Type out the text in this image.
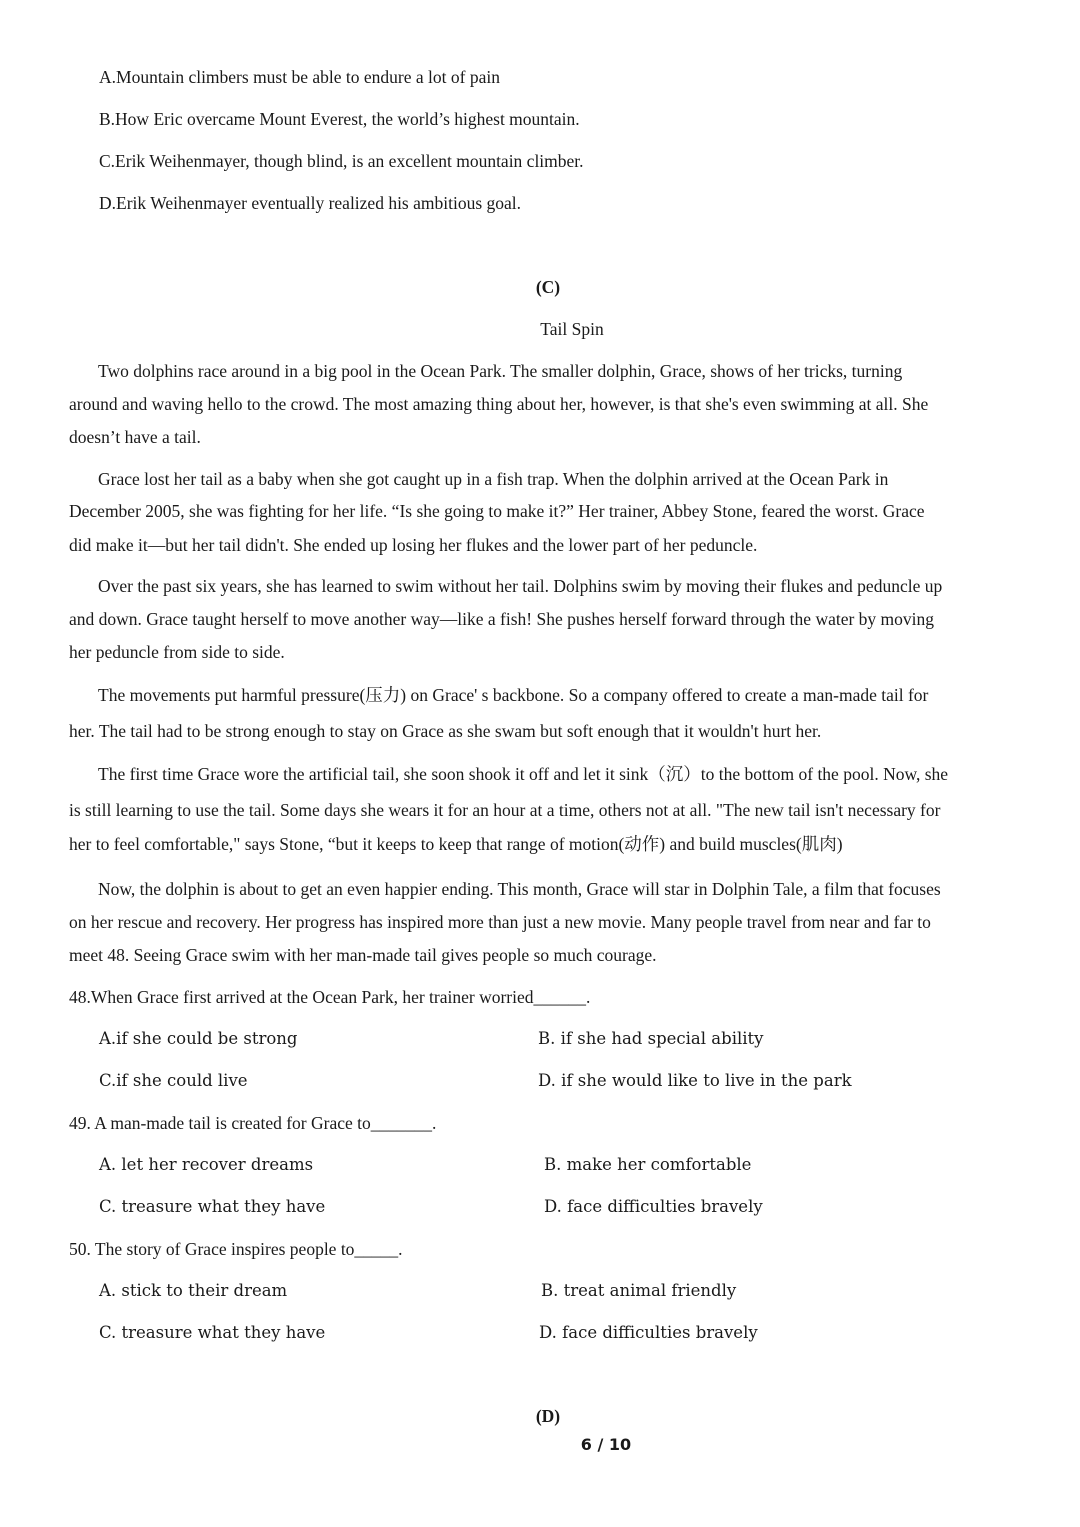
A.Mountain climbers must be able to endure a lot of pain
B.How Eric overcame Mount Everest, the world’s highest mountain.
C.Erik Weihenmayer, though blind, is an excellent mountain climber.
D.Erik Weihenmayer eventually realized his ambitious goal.
(C)
Tail Spin
Two dolphins race around in a big pool in the Ocean Park. The smaller dolphin, Grace, shows of her tricks, turning
around and waving hello to the crowd. The most amazing thing about her, however, is that she's even swimming at all. She
doesn’t have a tail.
Grace lost her tail as a baby when she got caught up in a fish trap. When the dolphin arrived at the Ocean Park in
December 2005, she was fighting for her life. “Is she going to make it?” Her trainer, Abbey Stone, feared the worst. Grace
did make it—but her tail didn't. She ended up losing her flukes and the lower part of her peduncle.
Over the past six years, she has learned to swim without her tail. Dolphins swim by moving their flukes and peduncle up
and down. Grace taught herself to move another way—like a fish! She pushes herself forward through the water by moving
her peduncle from side to side.
The movements put harmful pressure(压力) on Grace' s backbone. So a company offered to create a man-made tail for
her. The tail had to be strong enough to stay on Grace as she swam but soft enough that it wouldn't hurt her.
The first time Grace wore the artificial tail, she soon shook it off and let it sink（沉）to the bottom of the pool. Now, she
is still learning to use the tail. Some days she wears it for an hour at a time, others not at all. "The new tail isn't necessary for
her to feel comfortable," says Stone, “but it keeps to keep that range of motion(动作) and build muscles(肌肉)
Now, the dolphin is about to get an even happier ending. This month, Grace will star in Dolphin Tale, a film that focuses
on her rescue and recovery. Her progress has inspired more than just a new movie. Many people travel from near and far to
meet 48. Seeing Grace swim with her man-made tail gives people so much courage.
48.When Grace first arrived at the Ocean Park, her trainer worried______.
A.if she could be strong	B. if she had special ability
C.if she could live	D. if she would like to live in the park
49. A man-made tail is created for Grace to_______.
A. let her recover dreams	B. make her comfortable
C. treasure what they have	D. face difficulties bravely
50. The story of Grace inspires people to_____.
A. stick to their dream	B. treat animal friendly
C. treasure what they have	D. face difficulties bravely
(D)
6 / 10
